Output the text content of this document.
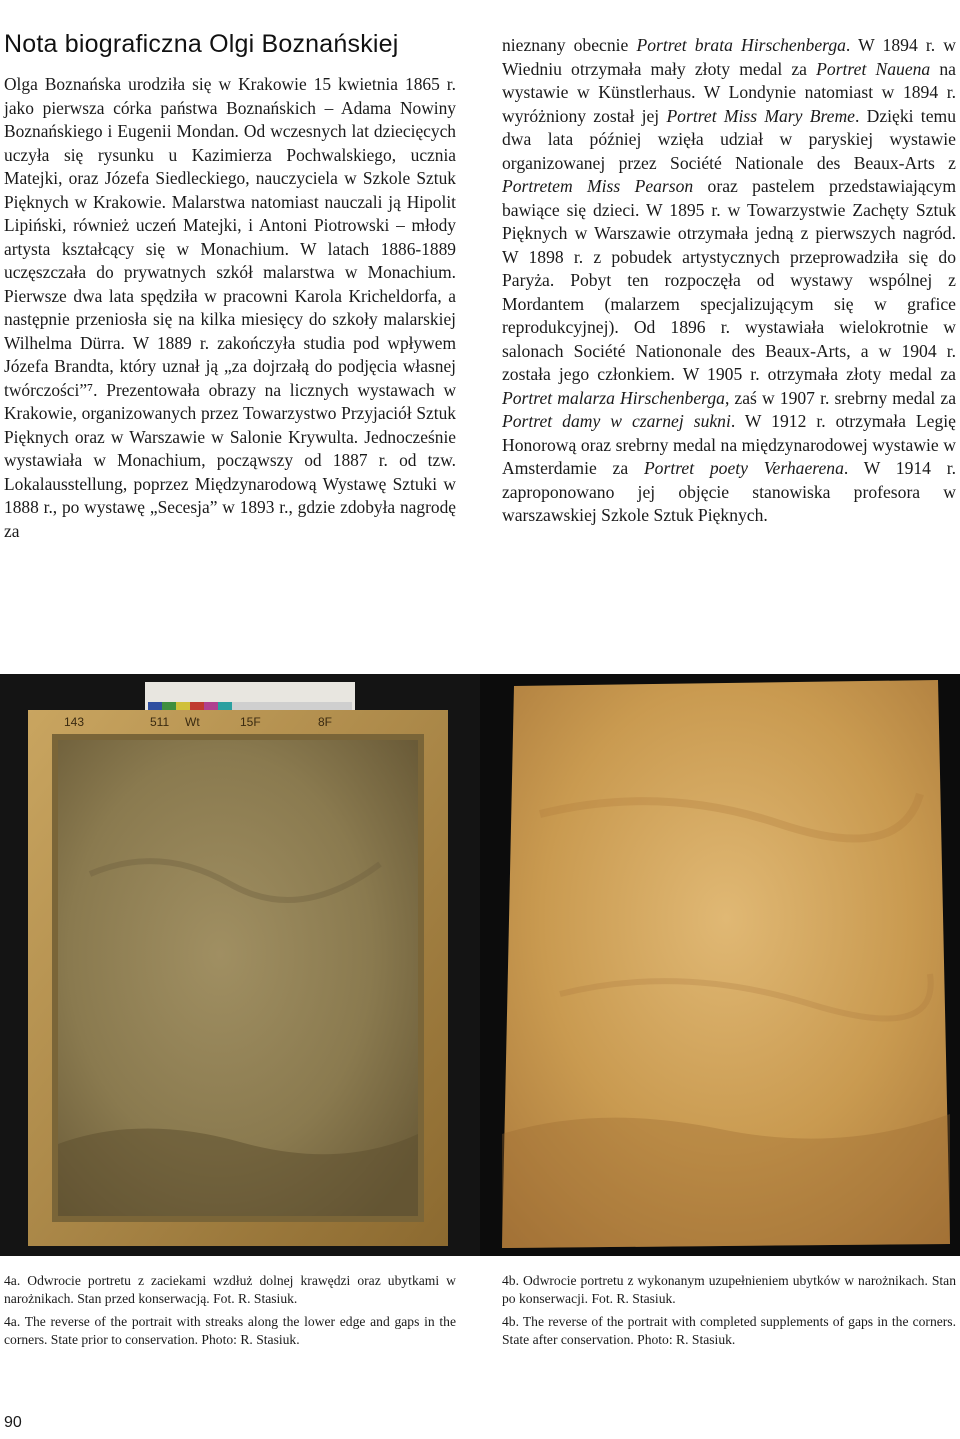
Nota biograficzna Olgi Boznańskiej

Olga Boznańska urodziła się w Krakowie 15 kwietnia 1865 r. jako pierwsza córka państwa Boznańskich – Adama Nowiny Boznańskiego i Eugenii Mondan. Od wczesnych lat dziecięcych uczyła się rysunku u Kazimierza Pochwalskiego, ucznia Matejki, oraz Józefa Siedleckiego, nauczyciela w Szkole Sztuk Pięknych w Krakowie. Malarstwa natomiast nauczali ją Hipolit Lipiński, również uczeń Matejki, i Antoni Piotrowski – młody artysta kształcący się w Monachium. W latach 1886-1889 uczęszczała do prywatnych szkół malarstwa w Monachium. Pierwsze dwa lata spędziła w pracowni Karola Kricheldorfa, a następnie przeniosła się na kilka miesięcy do szkoły malarskiej Wilhelma Dürra. W 1889 r. zakończyła studia pod wpływem Józefa Brandta, który uznał ją „za dojrzałą do podjęcia własnej twórczości”⁷. Prezentowała obrazy na licznych wystawach w Krakowie, organizowanych przez Towarzystwo Przyjaciół Sztuk Pięknych oraz w Warszawie w Salonie Krywulta. Jednocześnie wystawiała w Monachium, począwszy od 1887 r. od tzw. Lokalausstellung, poprzez Międzynarodową Wystawę Sztuki w 1888 r., po wystawę „Secesja” w 1893 r., gdzie zdobyła nagrodę za

nieznany obecnie Portret brata Hirschenberga. W 1894 r. w Wiedniu otrzymała mały złoty medal za Portret Nauena na wystawie w Künstlerhaus. W Londynie natomiast w 1894 r. wyróżniony został jej Portret Miss Mary Breme. Dzięki temu dwa lata później wzięła udział w paryskiej wystawie organizowanej przez Société Nationale des Beaux-Arts z Portretem Miss Pearson oraz pastelem przedstawiającym bawiące się dzieci. W 1895 r. w Towarzystwie Zachęty Sztuk Pięknych w Warszawie otrzymała jedną z pierwszych nagród. W 1898 r. z pobudek artystycznych przeprowadziła się do Paryża. Pobyt ten rozpoczęła od wystawy wspólnej z Mordantem (malarzem specjalizującym się w grafice reprodukcyjnej). Od 1896 r. wystawiała wielokrotnie w salonach Société Nationonale des Beaux-Arts, a w 1904 r. została jego członkiem. W 1905 r. otrzymała złoty medal za Portret malarza Hirschenberga, zaś w 1907 r. srebrny medal za Portret damy w czarnej sukni. W 1912 r. otrzymała Legię Honorową oraz srebrny medal na międzynarodowej wystawie w Amsterdamie za Portret poety Verhaerena. W 1914 r. zaproponowano jej objęcie stanowiska profesora w warszawskiej Szkole Sztuk Pięknych.

143	511 Wt	15F	8F

4a. Odwrocie portretu z zaciekami wzdłuż dolnej krawędzi oraz ubytkami w narożnikach. Stan przed konserwacją. Fot. R. Stasiuk.

4a. The reverse of the portrait with streaks along the lower edge and gaps in the corners. State prior to conservation. Photo: R. Stasiuk.

4b. Odwrocie portretu z wykonanym uzupełnieniem ubytków w narożnikach. Stan po konserwacji. Fot. R. Stasiuk.

4b. The reverse of the portrait with completed supplements of gaps in the corners. State after conservation. Photo: R. Stasiuk.

90
